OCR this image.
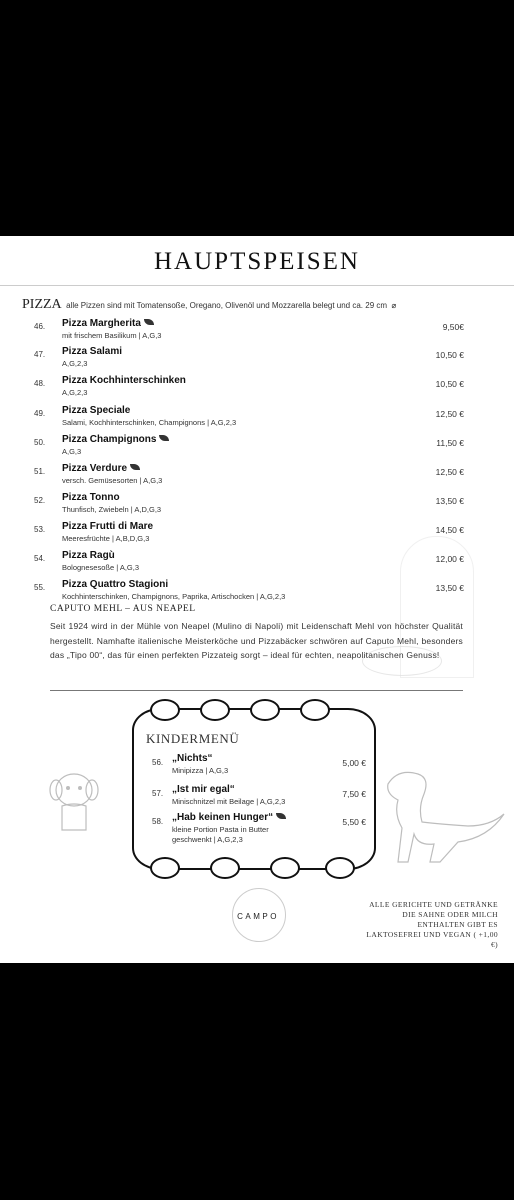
HAUPTSPEISEN
PIZZA alle Pizzen sind mit Tomatensoße, Oregano, Olivenöl und Mozzarella belegt und ca. 29 cm ⌀
46. Pizza Margherita
mit frischem Basilikum | A,G,3
9,50€
47. Pizza Salami
A,G,2,3
10,50 €
48. Pizza Kochhinterschinken
A,G,2,3
10,50 €
49. Pizza Speciale
Salami, Kochhinterschinken, Champignons | A,G,2,3
12,50 €
50. Pizza Champignons
A,G,3
11,50 €
51. Pizza Verdure
versch. Gemüsesorten | A,G,3
12,50 €
52. Pizza Tonno
Thunfisch, Zwiebeln | A,D,G,3
13,50 €
53. Pizza Frutti di Mare
Meeresfrüchte | A,B,D,G,3
14,50 €
54. Pizza Ragù
Bolognesesoße | A,G,3
12,00 €
55. Pizza Quattro Stagioni
Kochhinterschinken, Champignons, Paprika, Artischocken | A,G,2,3
13,50 €
CAPUTO MEHL – AUS NEAPEL
Seit 1924 wird in der Mühle von Neapel (Mulino di Napoli) mit Leidenschaft Mehl von höchster Qualität hergestellt. Namhafte italienische Meisterköche und Pizzabäcker schwören auf Caputo Mehl, besonders das „Tipo 00“, das für einen perfekten Pizzateig sorgt – ideal für echten, neapolitanischen Genuss!
KINDERMENÜ
56. „Nichts“
Minipizza | A,G,3
5,00 €
57. „Ist mir egal“
Minischnitzel mit Beilage | A,G,2,3
7,50 €
58. „Hab keinen Hunger“
kleine Portion Pasta in Butter geschwenkt | A,G,2,3
5,50 €
CAMPO
ALLE GERICHTE UND GETRÄNKE DIE SAHNE ODER MILCH ENTHALTEN GIBT ES LAKTOSEFREI UND VEGAN ( +1,00 €)
